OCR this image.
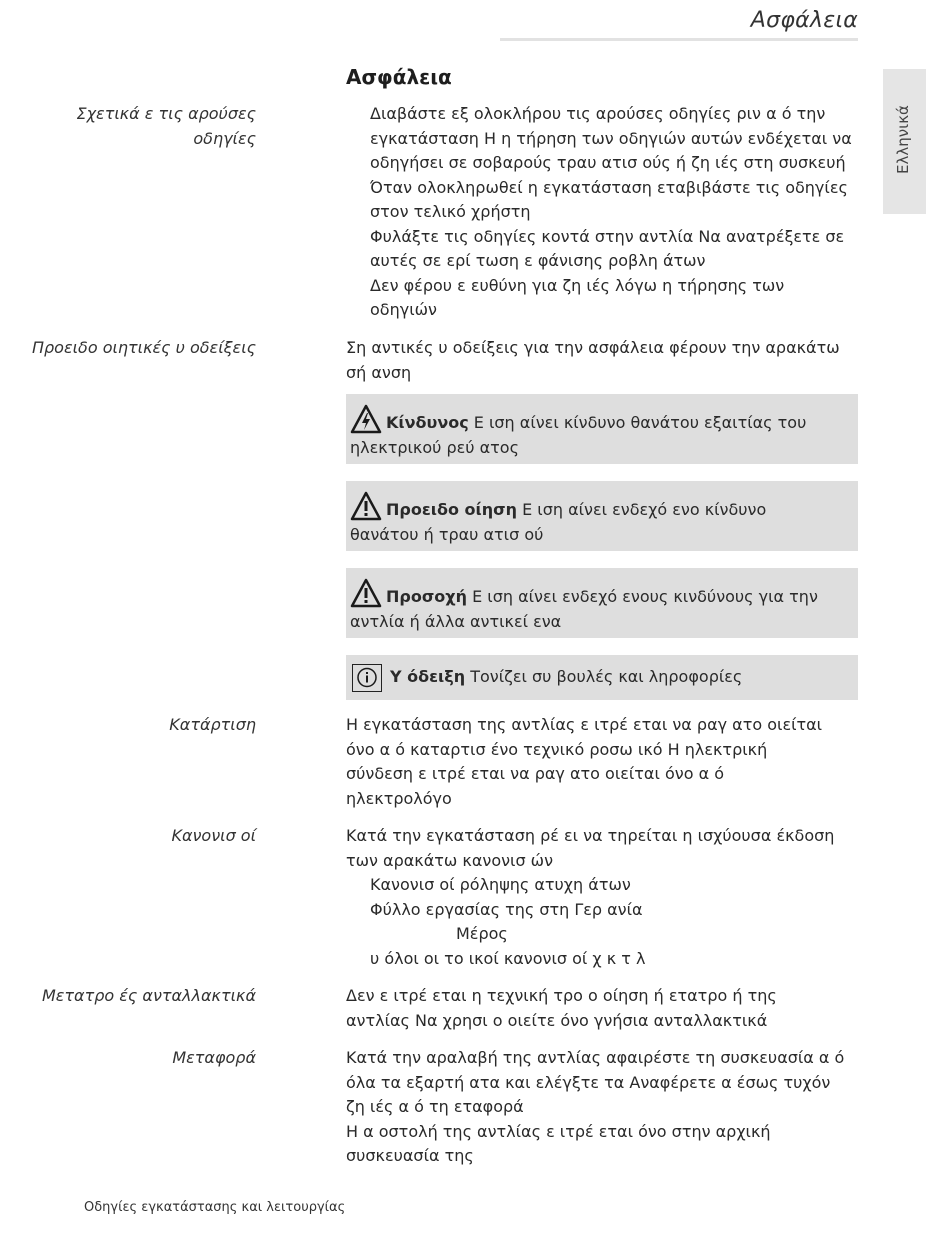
Ασφάλεια
Ελληνικά
Ασφάλεια
Σχετικά ε τις αρούσες οδηγίες

Διαβάστε εξ ολοκλήρου τις αρούσες οδηγίες ριν α ό την

εγκατάσταση Η η τήρηση των οδηγιών αυτών ενδέχεται να

οδηγήσει σε σοβαρούς τραυ ατισ ούς ή ζη ιές στη συσκευή

Όταν ολοκληρωθεί η εγκατάσταση εταβιβάστε τις οδηγίες

στον τελικό χρήστη

Φυλάξτε τις οδηγίες κοντά στην αντλία Να ανατρέξετε σε

αυτές σε ερί τωση ε φάνισης ροβλη άτων

Δεν φέρου ε ευθύνη για ζη ιές λόγω η τήρησης των

οδηγιών

Προειδο οιητικές υ οδείξεις	Ση αντικές υ οδείξεις για την ασφάλεια φέρουν την αρακάτω

σή ανση

Κίνδυνος Ε ιση αίνει κίνδυνο θανάτου εξαιτίας του
ηλεκτρικού ρεύ ατος
Προειδο οίηση Ε ιση αίνει ενδεχό ενο κίνδυνο
θανάτου ή τραυ ατισ ού
Προσοχή Ε ιση αίνει ενδεχό ενους κινδύνους για την
αντλία ή άλλα αντικεί ενα
Υ όδειξη Τονίζει συ βουλές και ληροφορίες
Κατάρτιση	Η εγκατάσταση της αντλίας ε ιτρέ εται να ραγ ατο οιείται

όνο α ό καταρτισ ένο τεχνικό ροσω ικό Η ηλεκτρική

σύνδεση ε ιτρέ εται να ραγ ατο οιείται όνο α ό

ηλεκτρολόγο

Κανονισ οί	Κατά την εγκατάσταση ρέ ει να τηρείται η ισχύουσα έκδοση

των αρακάτω κανονισ ών

Κανονισ οί ρόληψης ατυχη άτων

Φύλλο εργασίας της στη Γερ ανία

Μέρος

υ όλοι οι το ικοί κανονισ οί χ κ τ λ

Μετατρο ές ανταλλακτικά	Δεν ε ιτρέ εται η τεχνική τρο ο οίηση ή ετατρο ή της

αντλίας Να χρησι ο οιείτε όνο γνήσια ανταλλακτικά

Μεταφορά	Κατά την αραλαβή της αντλίας αφαιρέστε τη συσκευασία α ό

όλα τα εξαρτή ατα και ελέγξτε τα Αναφέρετε α έσως τυχόν

ζη ιές α ό τη εταφορά

Η α οστολή της αντλίας ε ιτρέ εται όνο στην αρχική

συσκευασία της

Οδηγίες εγκατάστασης και λειτουργίας
